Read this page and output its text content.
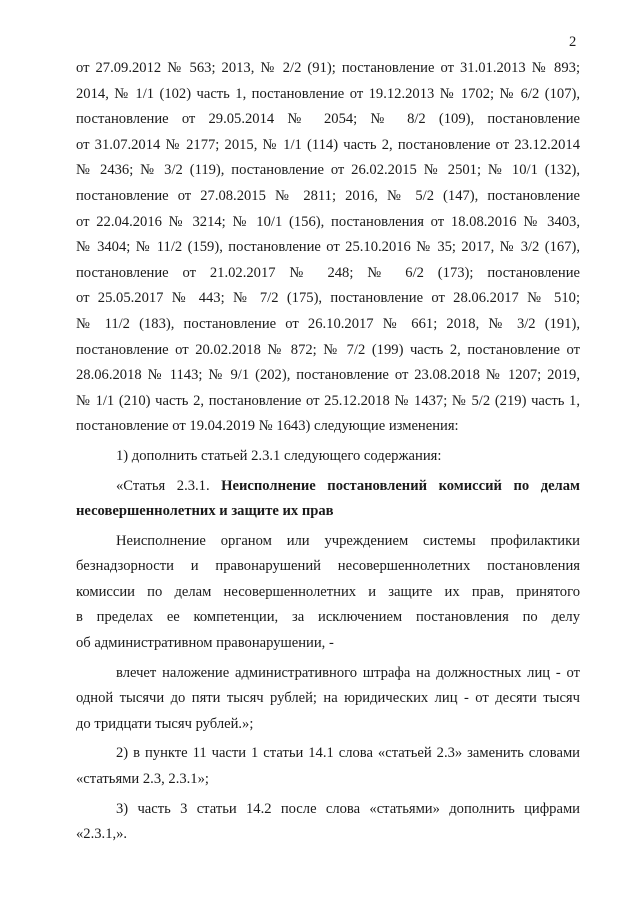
2
от 27.09.2012 № 563; 2013, № 2/2 (91); постановление от 31.01.2013 № 893;
2014, № 1/1 (102) часть 1, постановление от 19.12.2013 № 1702; № 6/2 (107),
постановление от 29.05.2014 № 2054; № 8/2 (109), постановление
от 31.07.2014 № 2177; 2015, № 1/1 (114) часть 2, постановление от 23.12.2014
№ 2436; № 3/2 (119), постановление от 26.02.2015 № 2501; № 10/1 (132),
постановление от 27.08.2015 № 2811; 2016, № 5/2 (147), постановление
от 22.04.2016 № 3214; № 10/1 (156), постановления от 18.08.2016 № 3403,
№ 3404; № 11/2 (159), постановление от 25.10.2016 № 35; 2017, № 3/2 (167),
постановление от 21.02.2017 № 248; № 6/2 (173); постановление
от 25.05.2017 № 443; № 7/2 (175), постановление от 28.06.2017 № 510;
№ 11/2 (183), постановление от 26.10.2017 № 661; 2018, № 3/2 (191),
постановление от 20.02.2018 № 872; № 7/2 (199) часть 2, постановление от
28.06.2018 № 1143; № 9/1 (202), постановление от 23.08.2018 № 1207; 2019,
№ 1/1 (210) часть 2, постановление от 25.12.2018 № 1437; № 5/2 (219) часть 1,
постановление от 19.04.2019 № 1643) следующие изменения:
1) дополнить статьей 2.3.1 следующего содержания:
«Статья 2.3.1. Неисполнение постановлений комиссий по делам
несовершеннолетних и защите их прав
Неисполнение органом или учреждением системы профилактики
безнадзорности и правонарушений несовершеннолетних постановления
комиссии по делам несовершеннолетних и защите их прав, принятого
в пределах ее компетенции, за исключением постановления по делу
об административном правонарушении, -
влечет наложение административного штрафа на должностных лиц - от
одной тысячи до пяти тысяч рублей; на юридических лиц - от десяти тысяч
до тридцати тысяч рублей.»;
2) в пункте 11 части 1 статьи 14.1 слова «статьей 2.3» заменить словами
«статьями 2.3, 2.3.1»;
3) часть 3 статьи 14.2 после слова «статьями» дополнить цифрами
«2.3.1,».
